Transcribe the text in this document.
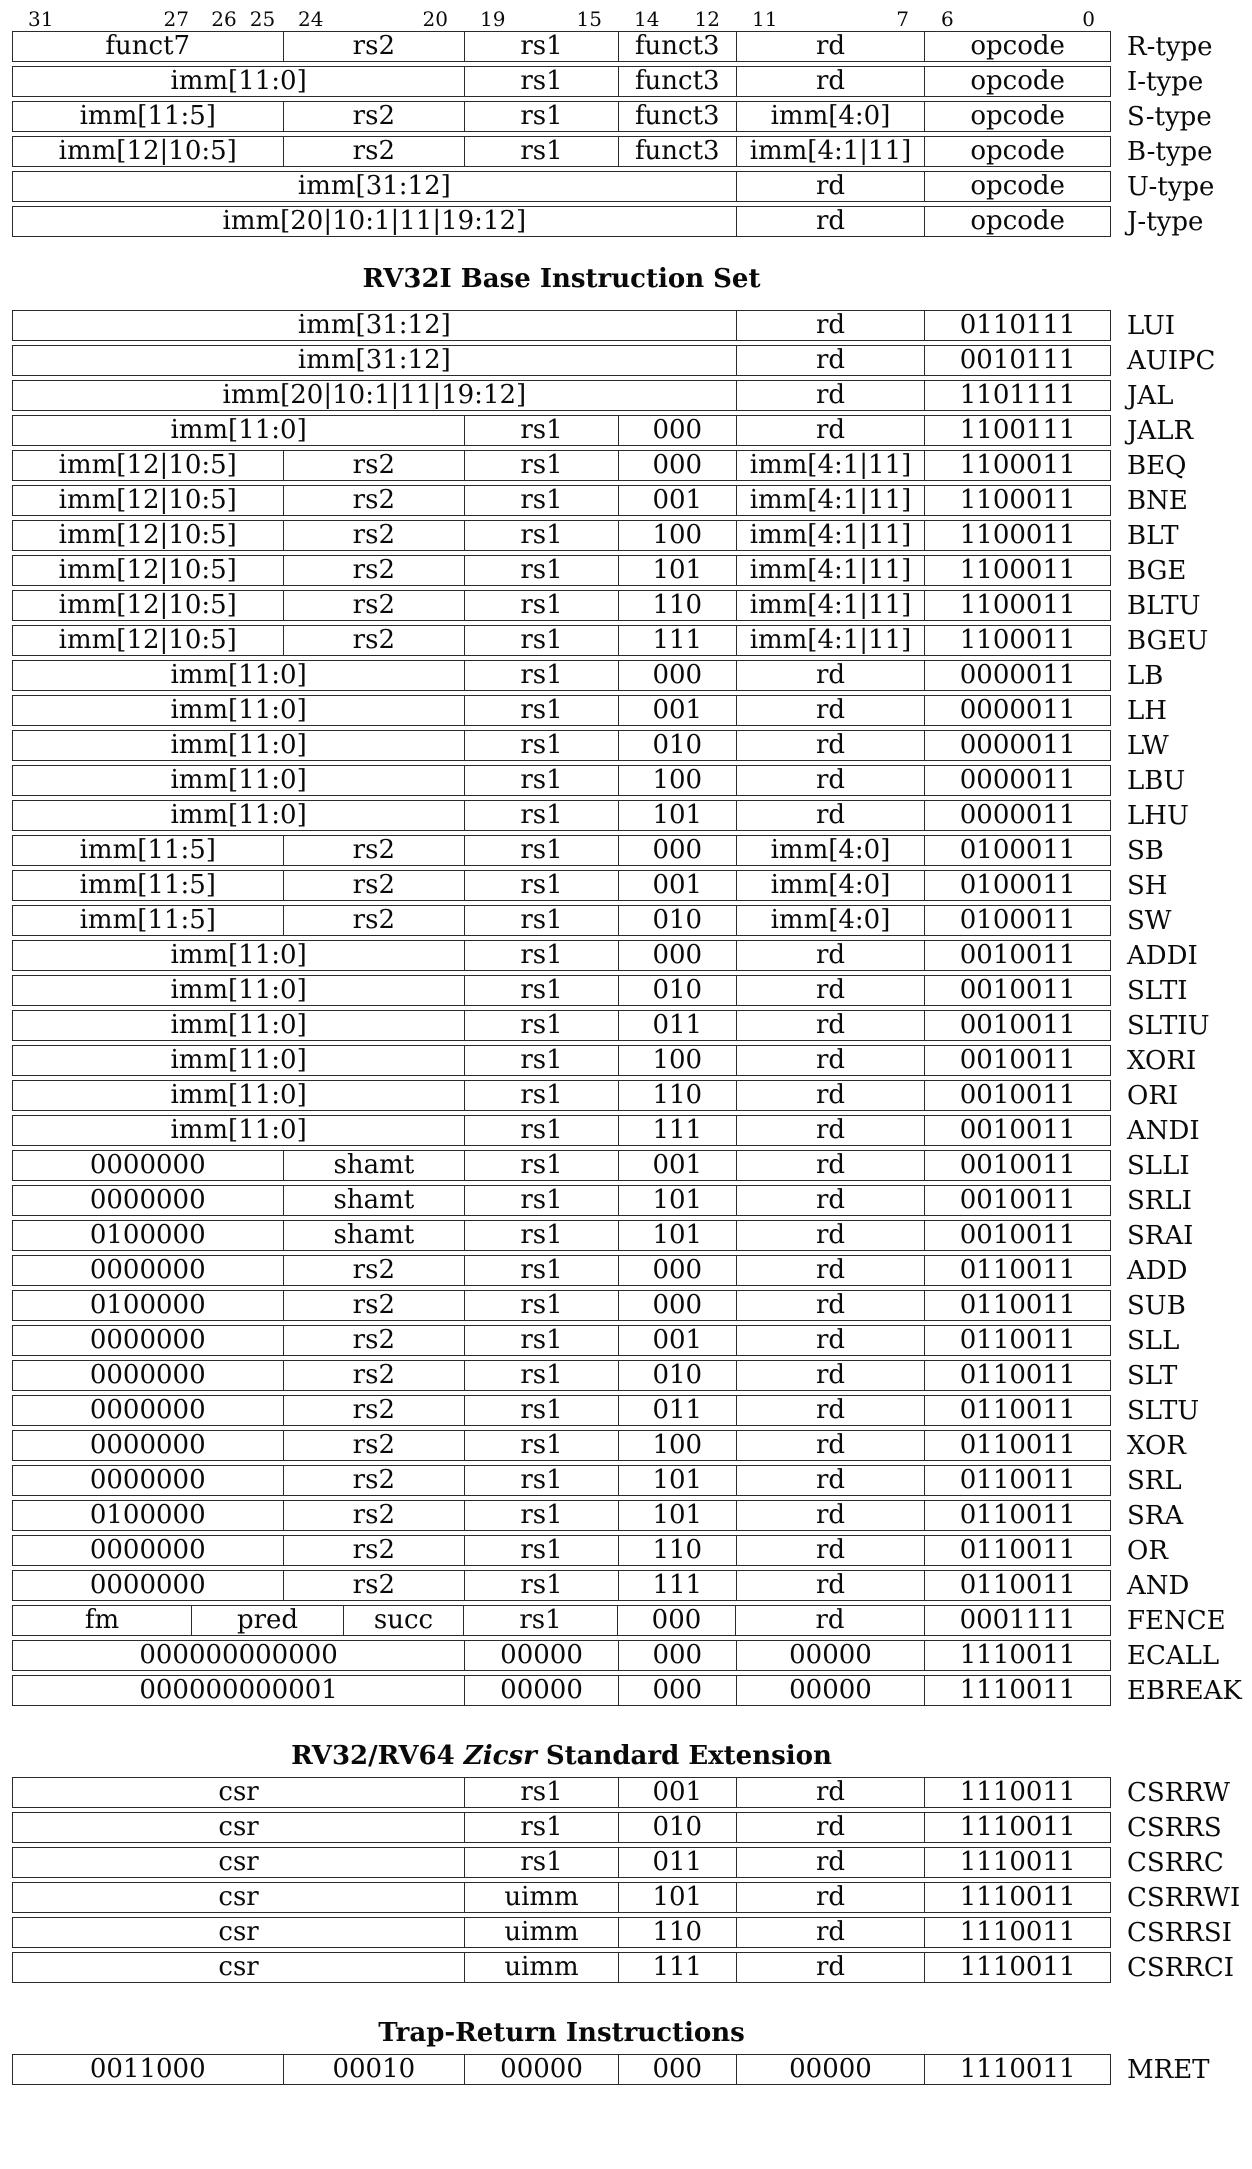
31	27 26 25 24	20 19	15 14 12 11	7 6	0
funct7	rs2	rs1	funct3	rd	opcode	R-type
imm[11:0]	rs1	funct3	rd	opcode	I-type
imm[11:5]	rs2	rs1	funct3	imm[4:0]	opcode	S-type
imm[12|10:5]	rs2	rs1	funct3	imm[4:1|11]	opcode	B-type
imm[31:12]	rd	opcode	U-type
imm[20|10:1|11|19:12]	rd	opcode	J-type
RV32I Base Instruction Set
imm[31:12]	rd	0110111	LUI
imm[31:12]	rd	0010111	AUIPC
imm[20|10:1|11|19:12]	rd	1101111	JAL
imm[11:0]	rs1	000	rd	1100111	JALR
imm[12|10:5]	rs2	rs1	000	imm[4:1|11]	1100011	BEQ
imm[12|10:5]	rs2	rs1	001	imm[4:1|11]	1100011	BNE
imm[12|10:5]	rs2	rs1	100	imm[4:1|11]	1100011	BLT
imm[12|10:5]	rs2	rs1	101	imm[4:1|11]	1100011	BGE
imm[12|10:5]	rs2	rs1	110	imm[4:1|11]	1100011	BLTU
imm[12|10:5]	rs2	rs1	111	imm[4:1|11]	1100011	BGEU
imm[11:0]	rs1	000	rd	0000011	LB
imm[11:0]	rs1	001	rd	0000011	LH
imm[11:0]	rs1	010	rd	0000011	LW
imm[11:0]	rs1	100	rd	0000011	LBU
imm[11:0]	rs1	101	rd	0000011	LHU
imm[11:5]	rs2	rs1	000	imm[4:0]	0100011	SB
imm[11:5]	rs2	rs1	001	imm[4:0]	0100011	SH
imm[11:5]	rs2	rs1	010	imm[4:0]	0100011	SW
imm[11:0]	rs1	000	rd	0010011	ADDI
imm[11:0]	rs1	010	rd	0010011	SLTI
imm[11:0]	rs1	011	rd	0010011	SLTIU
imm[11:0]	rs1	100	rd	0010011	XORI
imm[11:0]	rs1	110	rd	0010011	ORI
imm[11:0]	rs1	111	rd	0010011	ANDI
0000000	shamt	rs1	001	rd	0010011	SLLI
0000000	shamt	rs1	101	rd	0010011	SRLI
0100000	shamt	rs1	101	rd	0010011	SRAI
0000000	rs2	rs1	000	rd	0110011	ADD
0100000	rs2	rs1	000	rd	0110011	SUB
0000000	rs2	rs1	001	rd	0110011	SLL
0000000	rs2	rs1	010	rd	0110011	SLT
0000000	rs2	rs1	011	rd	0110011	SLTU
0000000	rs2	rs1	100	rd	0110011	XOR
0000000	rs2	rs1	101	rd	0110011	SRL
0100000	rs2	rs1	101	rd	0110011	SRA
0000000	rs2	rs1	110	rd	0110011	OR
0000000	rs2	rs1	111	rd	0110011	AND
fm	pred	succ	rs1	000	rd	0001111	FENCE
000000000000	00000	000	00000	1110011	ECALL
000000000001	00000	000	00000	1110011	EBREAK
RV32/RV64 Zicsr Standard Extension
csr	rs1	001	rd	1110011	CSRRW
csr	rs1	010	rd	1110011	CSRRS
csr	rs1	011	rd	1110011	CSRRC
csr	uimm	101	rd	1110011	CSRRWI
csr	uimm	110	rd	1110011	CSRRSI
csr	uimm	111	rd	1110011	CSRRCI
Trap-Return Instructions
0011000	00010	00000	000	00000	1110011	MRET
